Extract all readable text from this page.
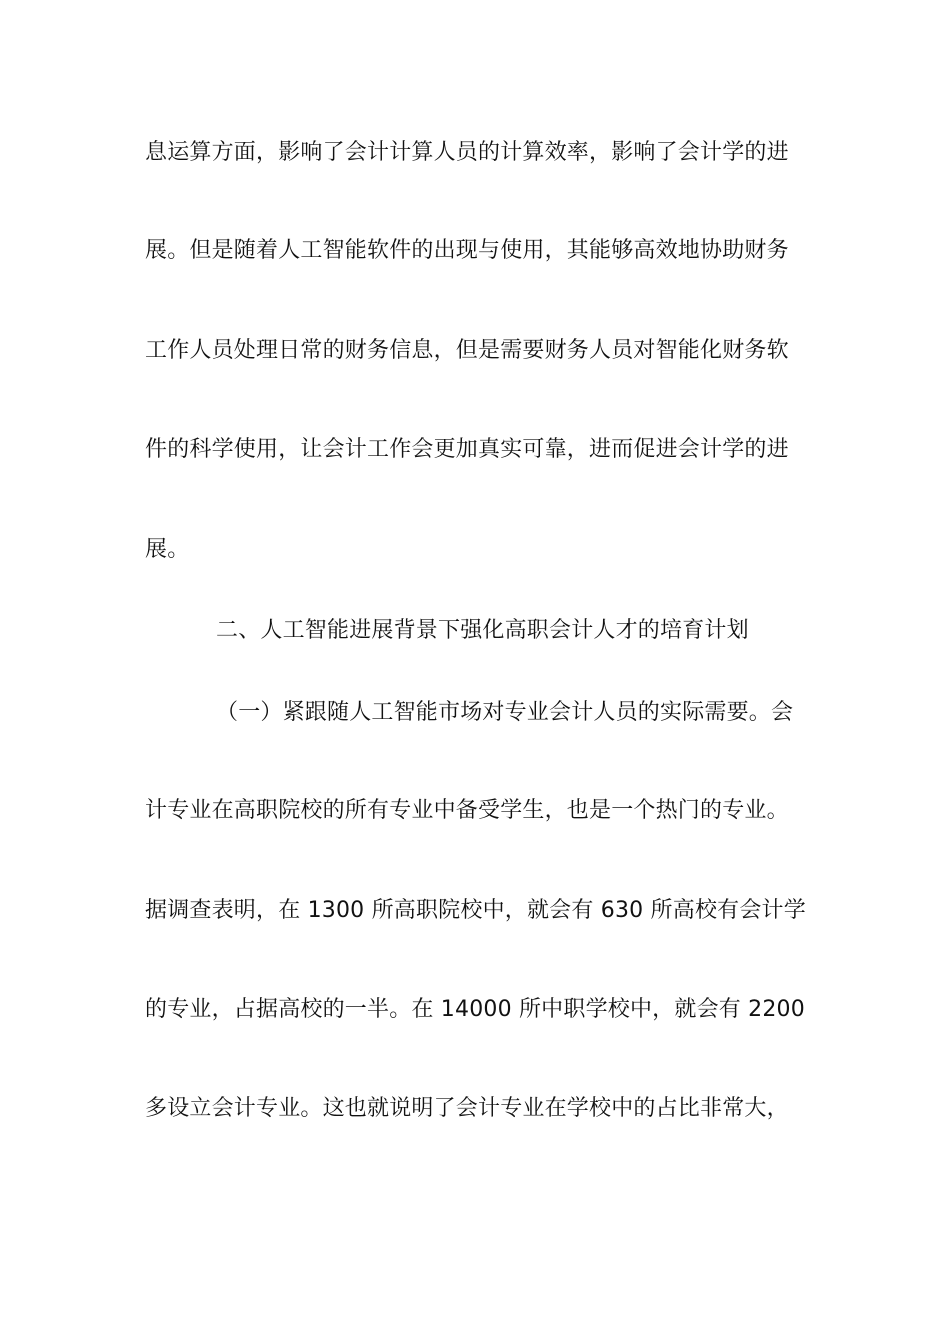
息运算方面，影响了会计计算人员的计算效率，影响了会计学的进
展。但是随着人工智能软件的出现与使用，其能够高效地协助财务
工作人员处理日常的财务信息，但是需要财务人员对智能化财务软
件的科学使用，让会计工作会更加真实可靠，进而促进会计学的进
展。
二、人工智能进展背景下强化高职会计人才的培育计划
（一）紧跟随人工智能市场对专业会计人员的实际需要。会
计专业在高职院校的所有专业中备受学生，也是一个热门的专业。
据调查表明，在 1300 所高职院校中，就会有 630 所高校有会计学
的专业，占据高校的一半。在 14000 所中职学校中，就会有 2200
多设立会计专业。这也就说明了会计专业在学校中的占比非常大，
